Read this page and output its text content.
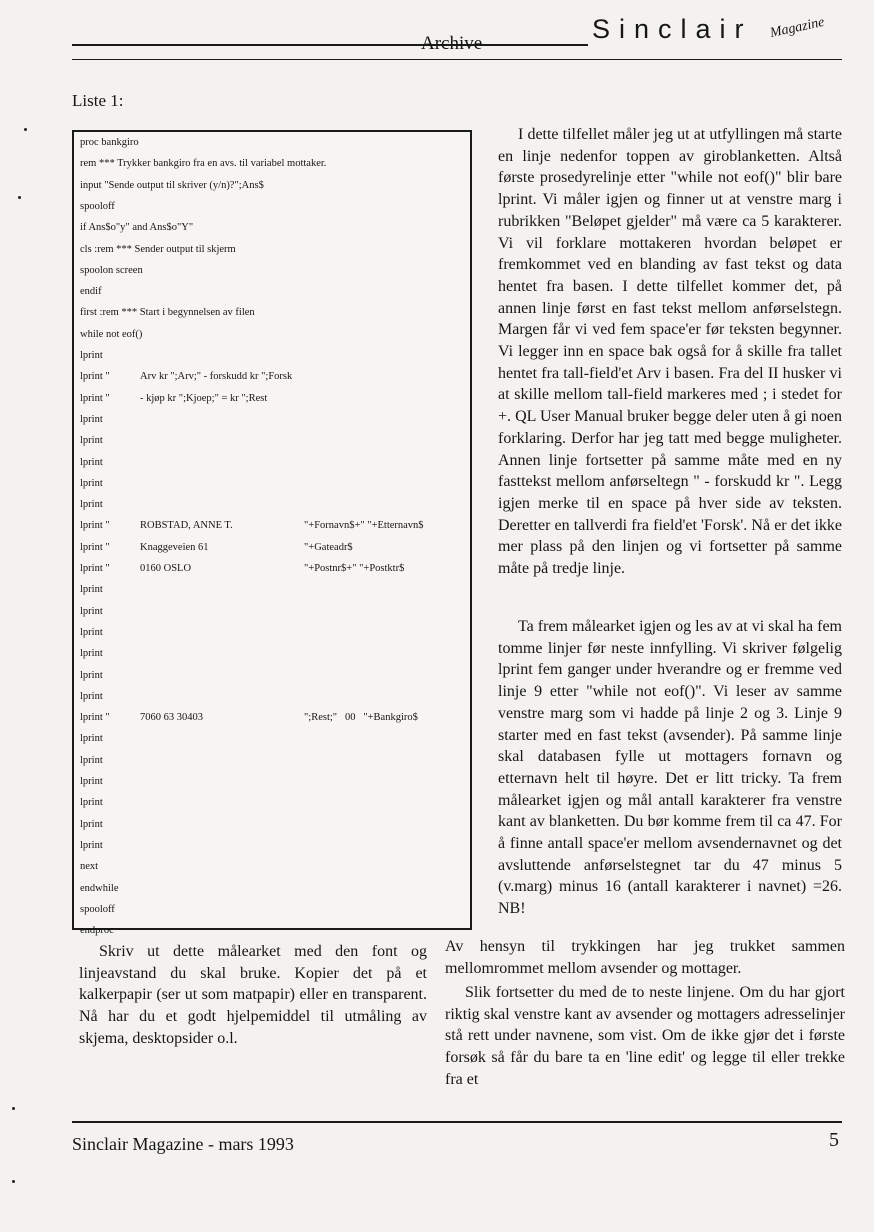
Archive	Sinclair Magazine
Liste 1:
proc bankgiro
rem *** Trykker bankgiro fra en avs. til variabel mottaker.
input "Sende output til skriver (y/n)?";Ans$
spooloff
if Ans$o"y" and Ans$o"Y"
cls :rem *** Sender output til skjerm
spoolon screen
endif
first :rem *** Start i begynnelsen av filen
while not eof()
lprint
lprint "	Arv kr ";Arv;" - forskudd kr ";Forsk
lprint "	- kjøp kr ";Kjoep;" = kr ";Rest
lprint
lprint
lprint
lprint
lprint
lprint "	ROBSTAD, ANNE T.	"+Fornavn$+" "+Etternavn$
lprint "	Knaggeveien 61	"+Gateadr$
lprint "	0160 OSLO	"+Postnr$+" "+Postktr$
lprint
lprint
lprint
lprint
lprint
lprint
lprint "	7060 63 30403	";Rest;"   00   "+Bankgiro$
lprint
lprint
lprint
lprint
lprint
lprint
next
endwhile
spooloff
endproc
I dette tilfellet måler jeg ut at utfyllingen må starte en linje nedenfor toppen av giroblanketten. Altså første prosedyrelinje etter "while not eof()" blir bare lprint. Vi måler igjen og finner ut at venstre marg i rubrikken "Beløpet gjelder" må være ca 5 karakterer. Vi vil forklare mottakeren hvordan beløpet er fremkommet ved en blanding av fast tekst og data hentet fra basen. I dette tilfellet kommer det, på annen linje først en fast tekst mellom anførselstegn. Margen får vi ved fem space'er før teksten begynner. Vi legger inn en space bak også for å skille fra tallet hentet fra tall-field'et Arv i basen. Fra del II husker vi at skille mellom tall-field markeres med ; i stedet for +. QL User Manual bruker begge deler uten å gi noen forklaring. Derfor har jeg tatt med begge muligheter. Annen linje fortsetter på samme måte med en ny fasttekst mellom anførseltegn " - forskudd kr ". Legg igjen merke til en space på hver side av teksten. Deretter en tallverdi fra field'et 'Forsk'. Nå er det ikke mer plass på den linjen og vi fortsetter på samme måte på tredje linje.
Ta frem målearket igjen og les av at vi skal ha fem tomme linjer før neste innfylling. Vi skriver følgelig lprint fem ganger under hverandre og er fremme ved linje 9 etter "while not eof()". Vi leser av samme venstre marg som vi hadde på linje 2 og 3. Linje 9 starter med en fast tekst (avsender). På samme linje skal databasen fylle ut mottagers fornavn og etternavn helt til høyre. Det er litt tricky. Ta frem målearket igjen og mål antall karakterer fra venstre kant av blanketten. Du bør komme frem til ca 47. For å finne antall space'er mellom avsendernavnet og det avsluttende anførselstegnet tar du 47 minus 5 (v.marg) minus 16 (antall karakterer i navnet) =26. NB!
Skriv ut dette målearket med den font og linjeavstand du skal bruke. Kopier det på et kalkerpapir (ser ut som matpapir) eller en transparent. Nå har du et godt hjelpemiddel til utmåling av skjema, desktopsider o.l.
Av hensyn til trykkingen har jeg trukket sammen mellomrommet mellom avsender og mottager.
Slik fortsetter du med de to neste linjene. Om du har gjort riktig skal venstre kant av avsender og mottagers adresselinjer stå rett under navnene, som vist. Om de ikke gjør det i første forsøk så får du bare ta en 'line edit' og legge til eller trekke fra et
Sinclair Magazine - mars 1993	5
